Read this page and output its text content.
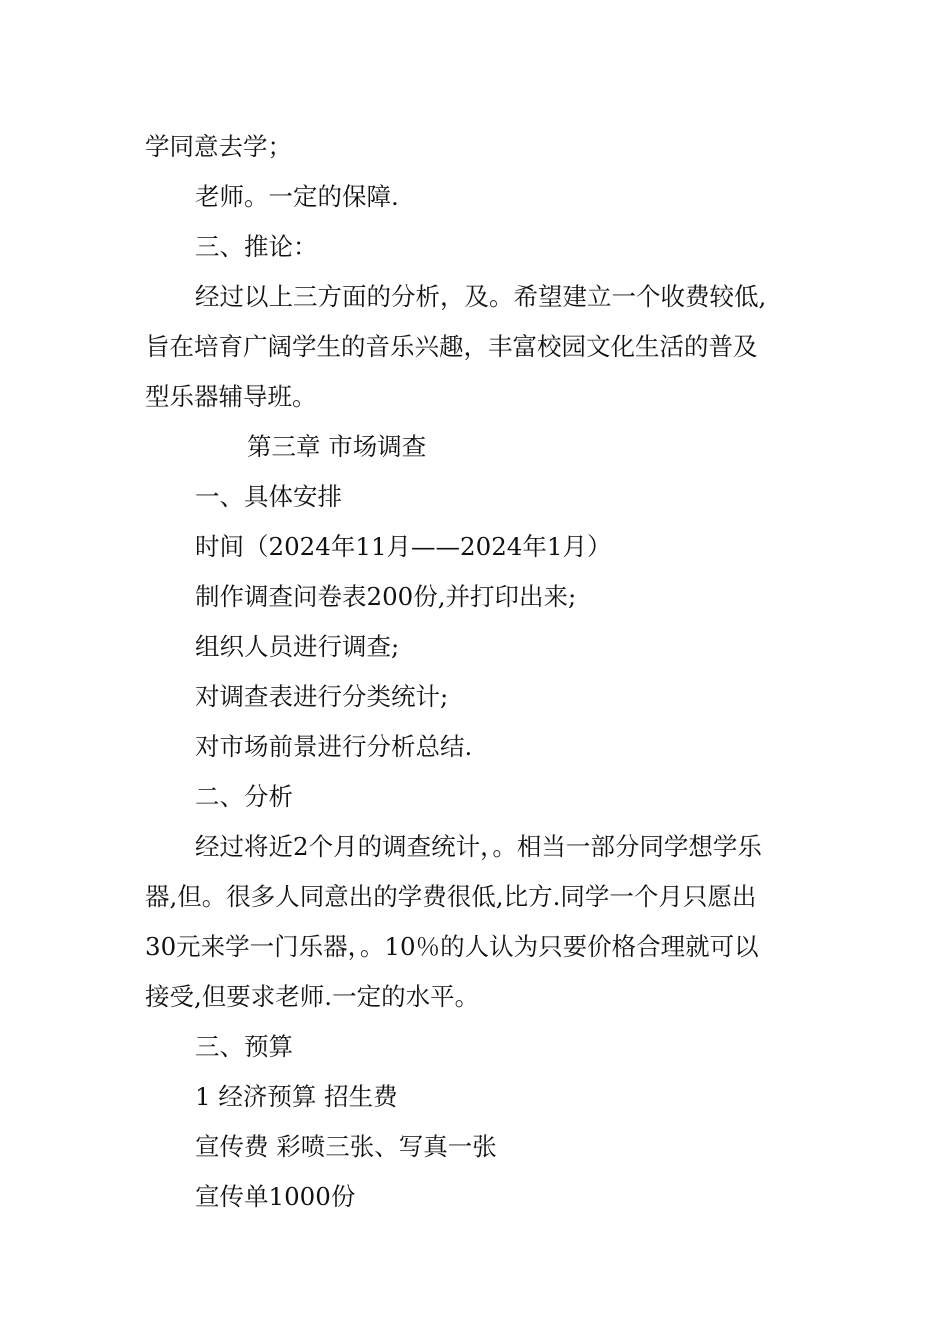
学同意去学；
老师。一定的保障.
三、推论：
经过以上三方面的分析，及。希望建立一个收费较低,
旨在培育广阔学生的音乐兴趣，丰富校园文化生活的普及
型乐器辅导班。
第三章 市场调查
一、具体安排
时间（2024年11月——2024年1月）
制作调查问卷表200份,并打印出来;
组织人员进行调查;
对调查表进行分类统计;
对市场前景进行分析总结.
二、分析
经过将近2个月的调查统计，。相当一部分同学想学乐
器,但。很多人同意出的学费很低,比方.同学一个月只愿出
30元来学一门乐器，。10％的人认为只要价格合理就可以
接受,但要求老师.一定的水平。
三、预算
1 经济预算 招生费
宣传费 彩喷三张、写真一张
宣传单1000份
